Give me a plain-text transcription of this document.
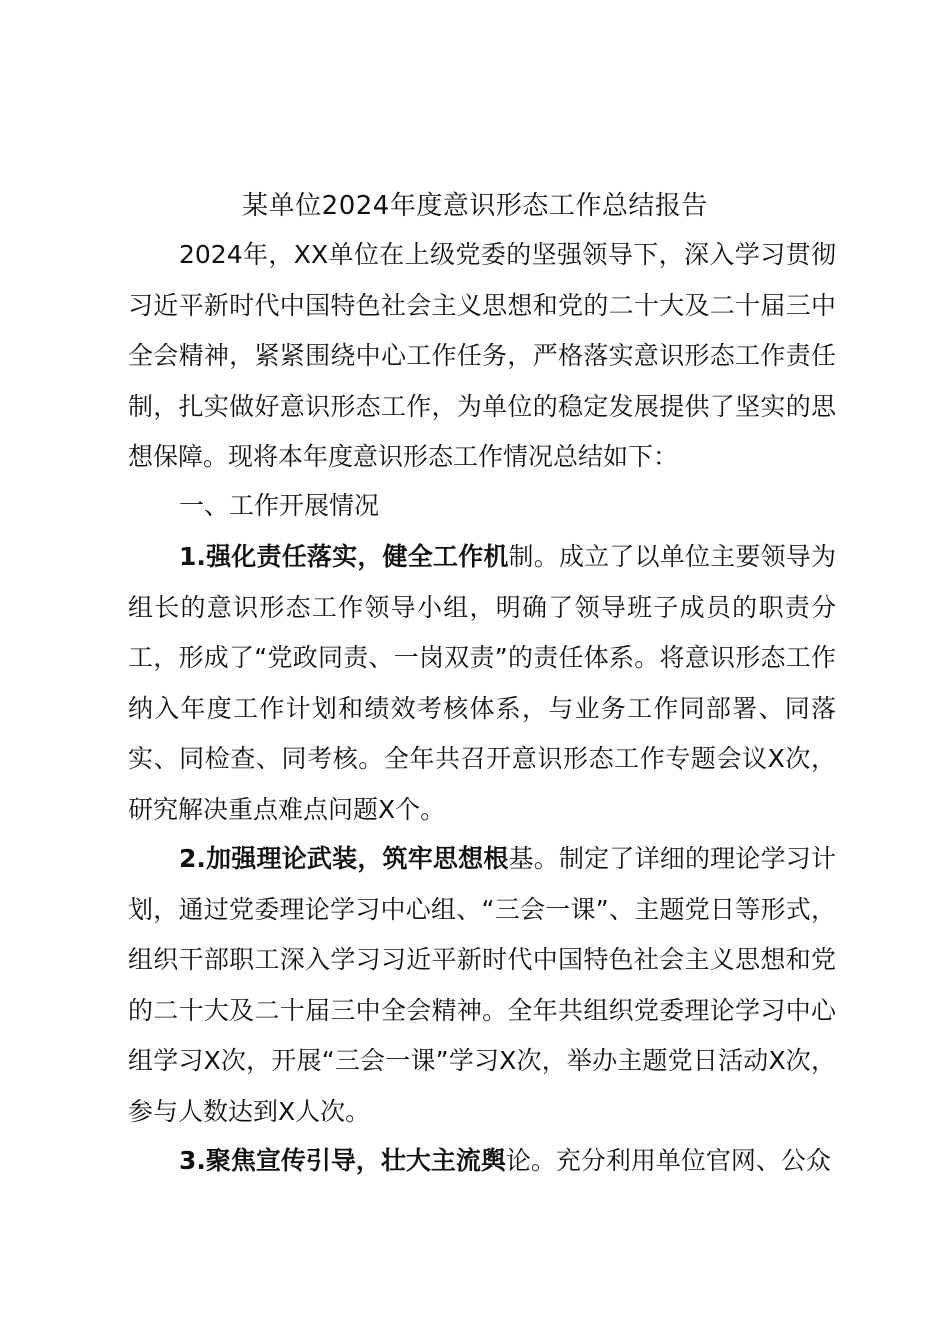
某单位2024年度意识形态工作总结报告

2024年，XX单位在上级党委的坚强领导下，深入学习贯彻习近平新时代中国特色社会主义思想和党的二十大及二十届三中全会精神，紧紧围绕中心工作任务，严格落实意识形态工作责任制，扎实做好意识形态工作，为单位的稳定发展提供了坚实的思想保障。现将本年度意识形态工作情况总结如下：

一、工作开展情况

1.强化责任落实，健全工作机制。成立了以单位主要领导为组长的意识形态工作领导小组，明确了领导班子成员的职责分工，形成了“党政同责、一岗双责”的责任体系。将意识形态工作纳入年度工作计划和绩效考核体系，与业务工作同部署、同落实、同检查、同考核。全年共召开意识形态工作专题会议X次，研究解决重点难点问题X个。

2.加强理论武装，筑牢思想根基。制定了详细的理论学习计划，通过党委理论学习中心组、“三会一课”、主题党日等形式，组织干部职工深入学习习近平新时代中国特色社会主义思想和党的二十大及二十届三中全会精神。全年共组织党委理论学习中心组学习X次，开展“三会一课”学习X次，举办主题党日活动X次，参与人数达到X人次。

3.聚焦宣传引导，壮大主流舆论。充分利用单位官网、公众
